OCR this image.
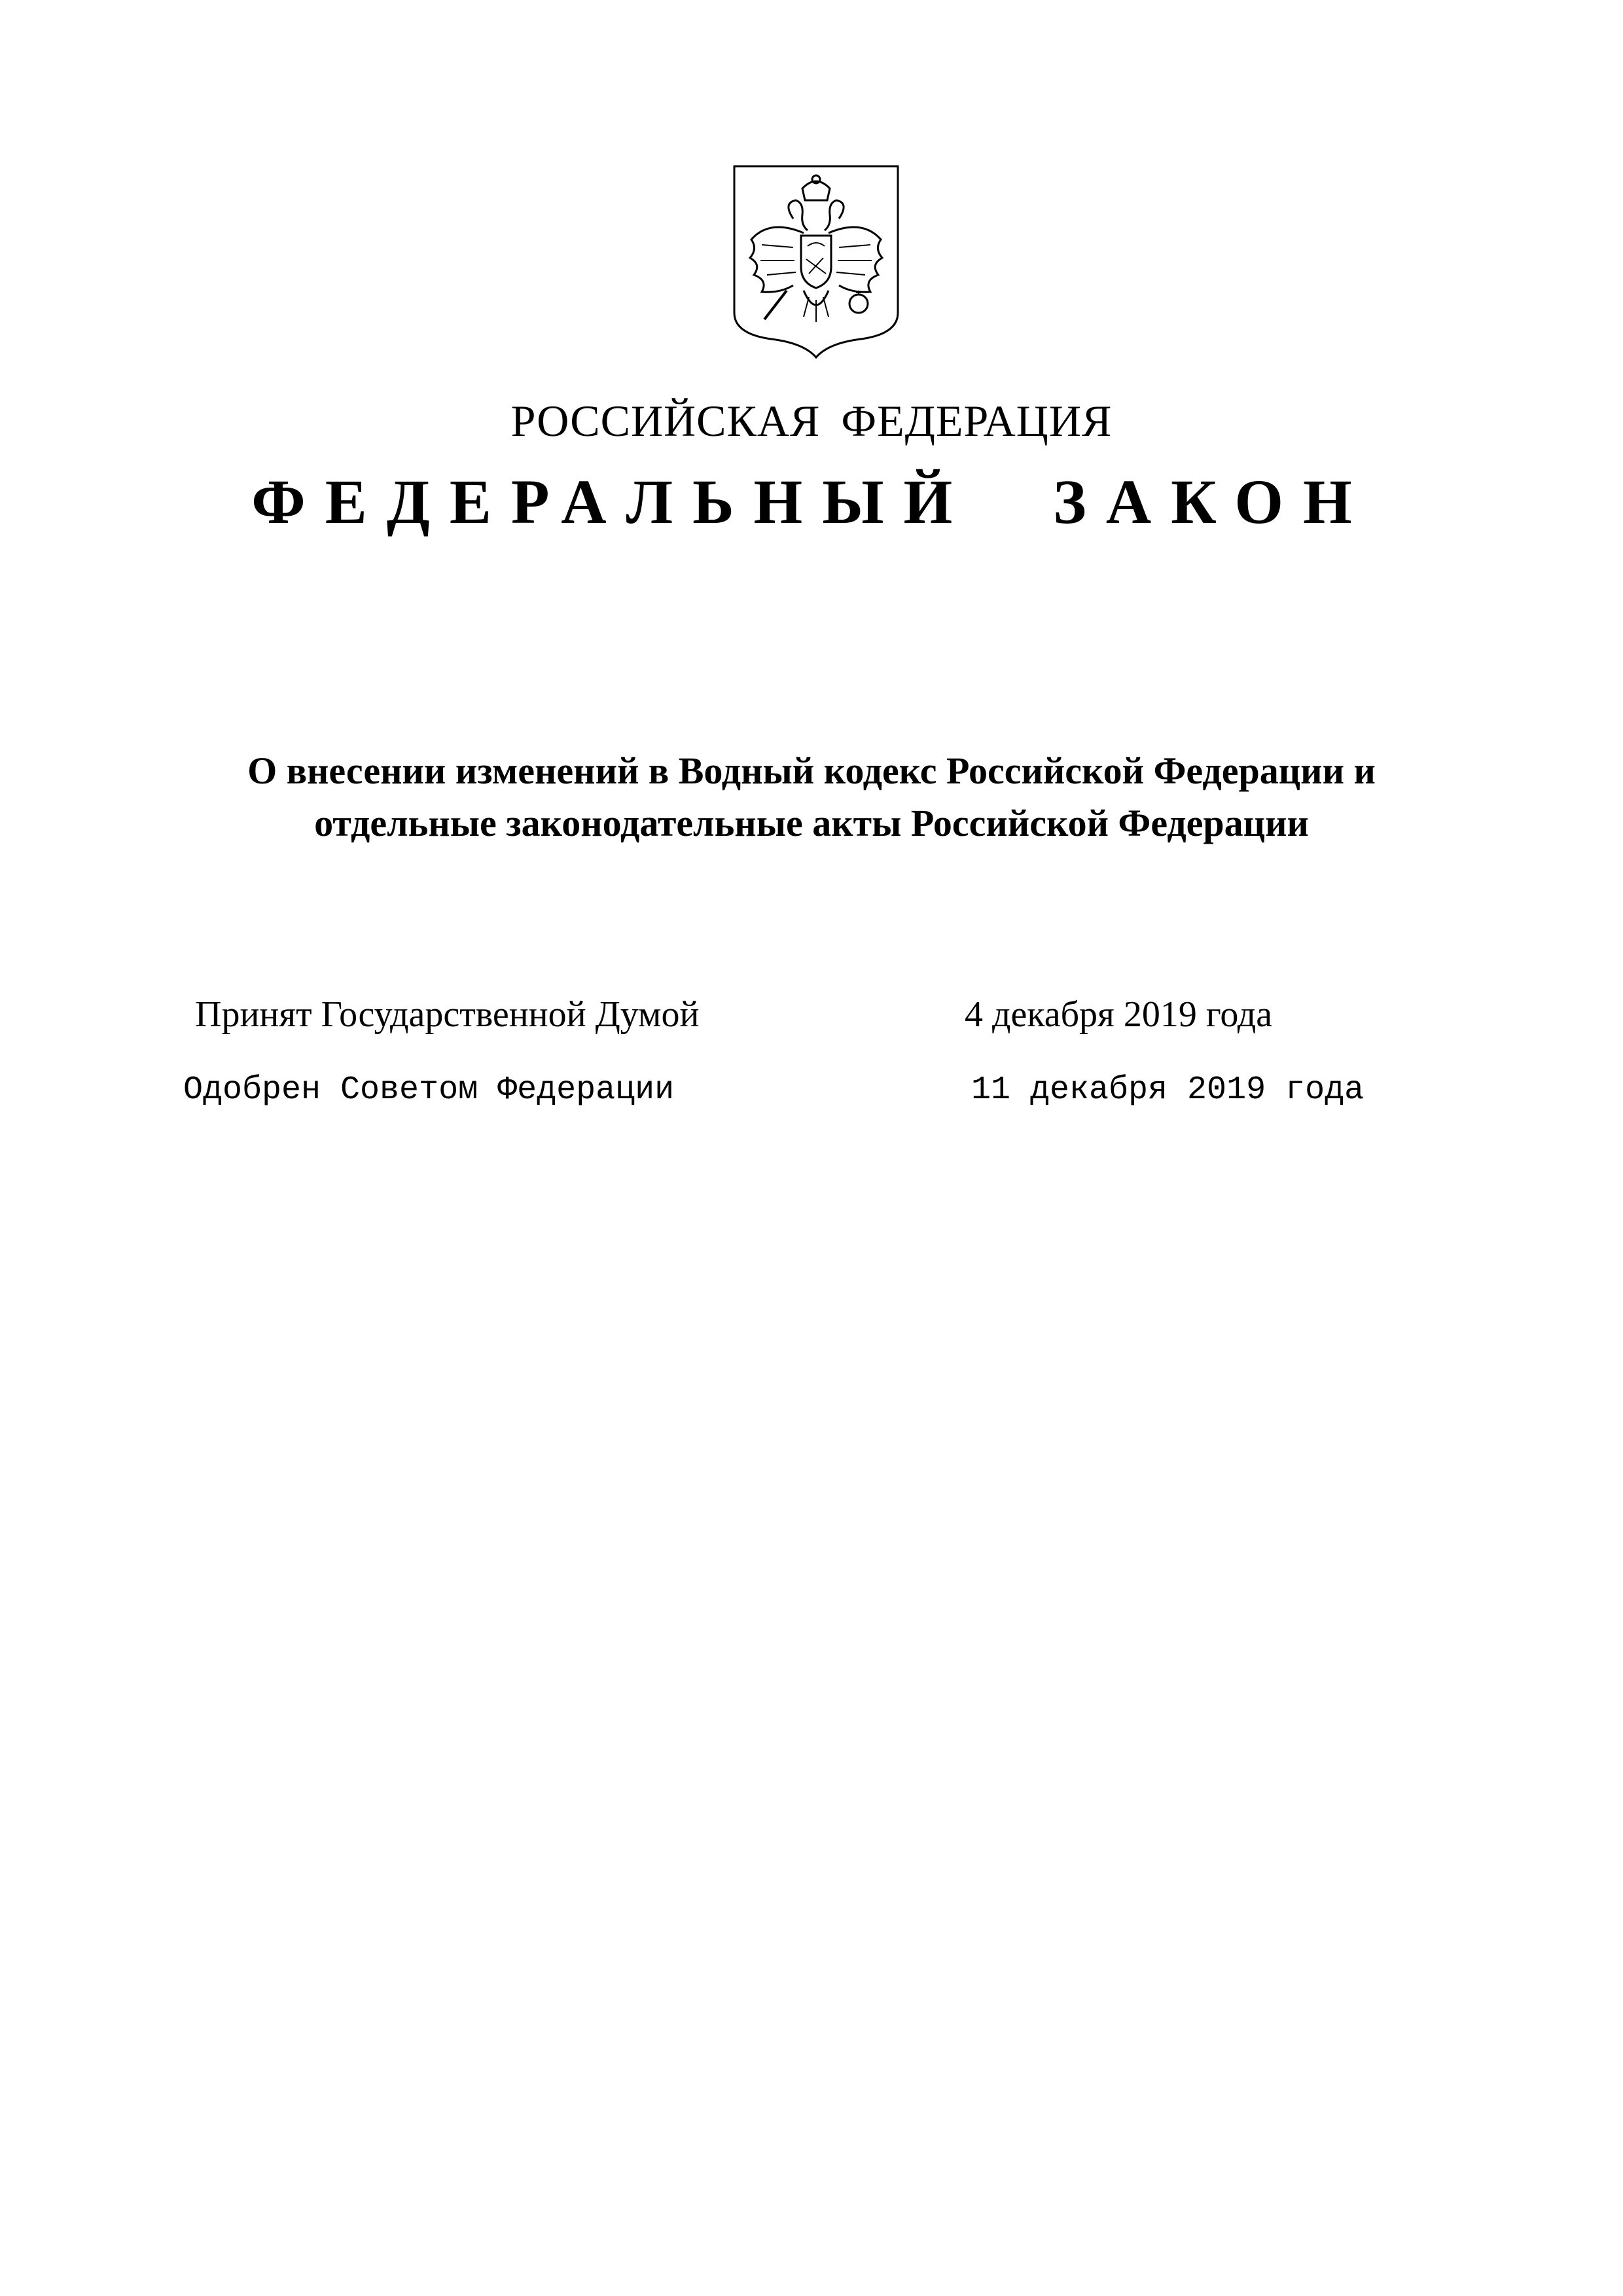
РОССИЙСКАЯ ФЕДЕРАЦИЯ
ФЕДЕРАЛЬНЫЙ ЗАКОН
О внесении изменений в Водный кодекс Российской Федерации и
отдельные законодательные акты Российской Федерации
Принят Государственной Думой	4 декабря 2019 года
Одобрен Советом Федерации	11 декабря 2019 года
